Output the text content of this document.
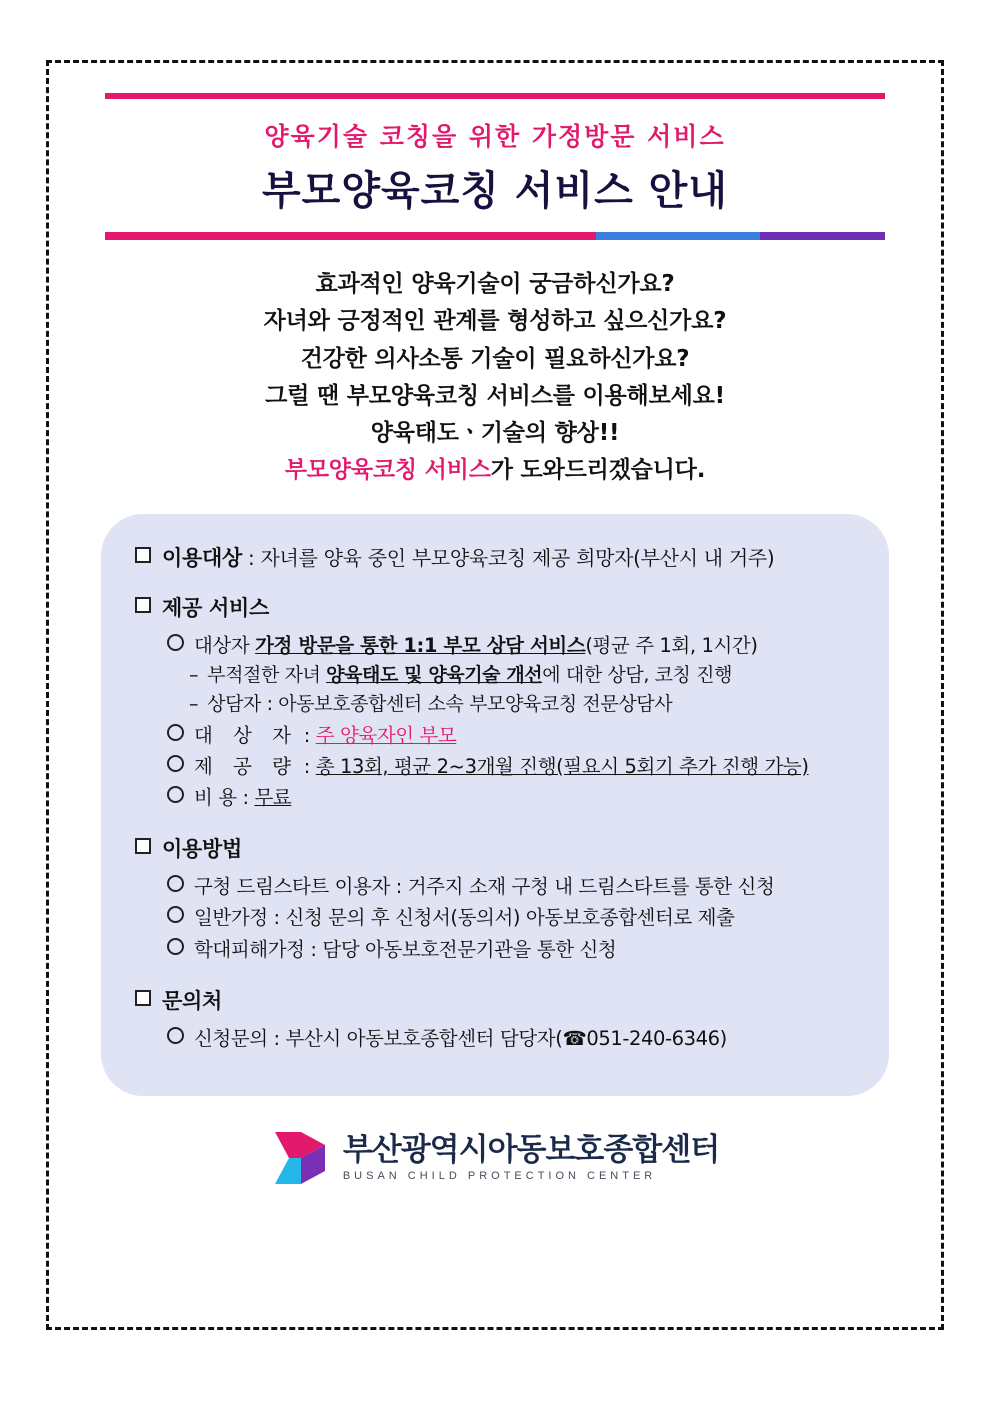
양육기술 코칭을 위한 가정방문 서비스
부모양육코칭 서비스 안내
효과적인 양육기술이 궁금하신가요?
자녀와 긍정적인 관계를 형성하고 싶으신가요?
건강한 의사소통 기술이 필요하신가요?
그럴 땐 부모양육코칭 서비스를 이용해보세요!
양육태도ㆍ기술의 향상!!
부모양육코칭 서비스가 도와드리겠습니다.
이용대상 : 자녀를 양육 중인 부모양육코칭 제공 희망자(부산시 내 거주)
제공 서비스
대상자 가정 방문을 통한 1:1 부모 상담 서비스(평균 주 1회, 1시간)
– 부적절한 자녀 양육태도 및 양육기술 개선에 대한 상담, 코칭 진행
– 상담자 : 아동보호종합센터 소속 부모양육코칭 전문상담사
대 상 자 : 주 양육자인 부모
제 공 량 : 총 13회, 평균 2~3개월 진행(필요시 5회기 추가 진행 가능)
비 용 : 무료
이용방법
구청 드림스타트 이용자 : 거주지 소재 구청 내 드림스타트를 통한 신청
일반가정 : 신청 문의 후 신청서(동의서) 아동보호종합센터로 제출
학대피해가정 : 담당 아동보호전문기관을 통한 신청
문의처
신청문의 : 부산시 아동보호종합센터 담당자(☎051-240-6346)
부산광역시아동보호종합센터
BUSAN CHILD PROTECTION CENTER
